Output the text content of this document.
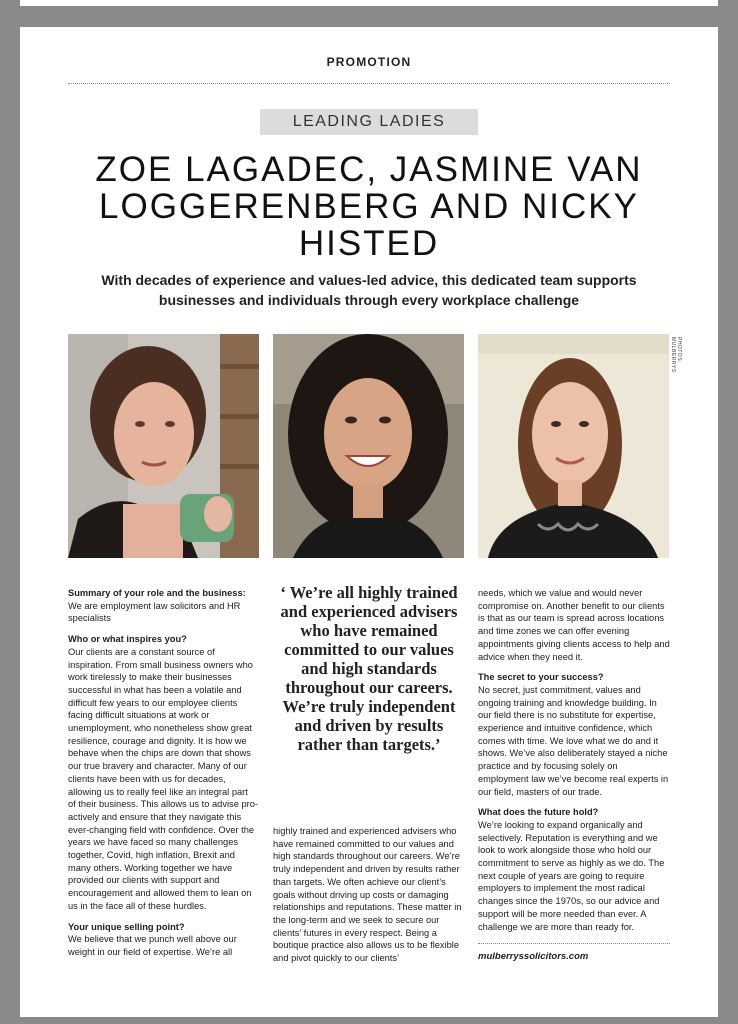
PROMOTION
LEADING LADIES
ZOE LAGADEC, JASMINE VAN LOGGERENBERG AND NICKY HISTED
With decades of experience and values-led advice, this dedicated team supports businesses and individuals through every workplace challenge
PHOTOS: MULBERRYS

Summary of your role and the business:
We are employment law solicitors and HR specialists

Who or what inspires you?
Our clients are a constant source of inspiration. From small business owners who work tirelessly to make their businesses successful in what has been a volatile and difficult few years to our employee clients facing difficult situations at work or unemployment, who nonetheless show great resilience, courage and dignity. It is how we behave when the chips are down that shows our true bravery and character. Many of our clients have been with us for decades, allowing us to really feel like an integral part of their business. This allows us to advise pro-actively and ensure that they navigate this ever-changing field with confidence. Over the years we have faced so many challenges together, Covid, high inflation, Brexit and many others. Working together we have provided our clients with support and encouragement and allowed them to lean on us in the face all of these hurdles.

Your unique selling point?
We believe that we punch well above our weight in our field of expertise. We’re all

‘ We’re all highly trained and experienced advisers who have remained committed to our values and high standards throughout our careers. We’re truly independent and driven by results rather than targets.’

highly trained and experienced advisers who have remained committed to our values and high standards throughout our careers. We’re truly independent and driven by results rather than targets. We often achieve our client’s goals without driving up costs or damaging relationships and reputations. These matter in the long-term and we seek to secure our clients’ futures in every respect. Being a boutique practice also allows us to be flexible and pivot quickly to our clients’

needs, which we value and would never compromise on. Another benefit to our clients is that as our team is spread across locations and time zones we can offer evening appointments giving clients access to help and advice when they need it.

The secret to your success?
No secret, just commitment, values and ongoing training and knowledge building. In our field there is no substitute for expertise, experience and intuitive confidence, which comes with time. We love what we do and it shows. We’ve also deliberately stayed a niche practice and by focusing solely on employment law we’ve become real experts in our field, masters of our trade.

What does the future hold?
We’re looking to expand organically and selectively. Reputation is everything and we look to work alongside those who hold our commitment to serve as highly as we do. The next couple of years are going to require employers to implement the most radical changes since the 1970s, so our advice and support will be more needed than ever. A challenge we are more than ready for.

mulberryssolicitors.com
